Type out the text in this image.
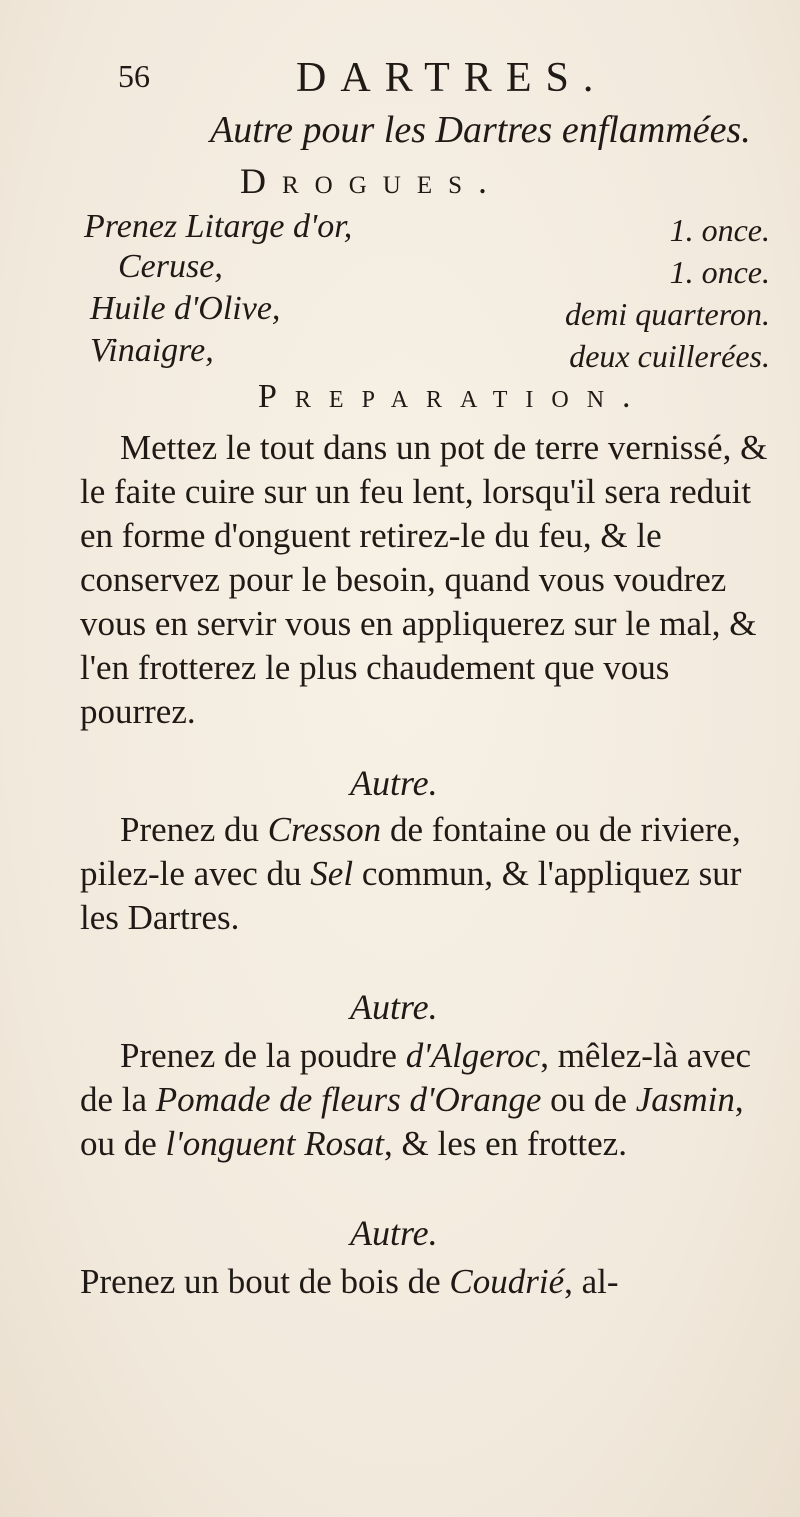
56	DARTRES.
Autre pour les Dartres enflammées.
Drogues.
Prenez Litarge d'or,	1. once.
Ceruse,	1. once.
Huile d'Olive,	demi quarteron.
Vinaigre,	deux cuillerées.
Preparation.

Mettez le tout dans un pot de terre vernissé, & le faite cuire sur un feu lent, lorsqu'il sera reduit en forme d'onguent retirez-le du feu, & le conservez pour le besoin, quand vous voudrez vous en servir vous en appliquerez sur le mal, & l'en frotterez le plus chaudement que vous pourrez.

Autre.

Prenez du Cresson de fontaine ou de riviere, pilez-le avec du Sel commun, & l'appliquez sur les Dartres.

Autre.

Prenez de la poudre d'Algeroc, mêlez-là avec de la Pomade de fleurs d'Orange ou de Jasmin, ou de l'onguent Rosat, & les en frottez.

Autre.

Prenez un bout de bois de Coudrié, al-
